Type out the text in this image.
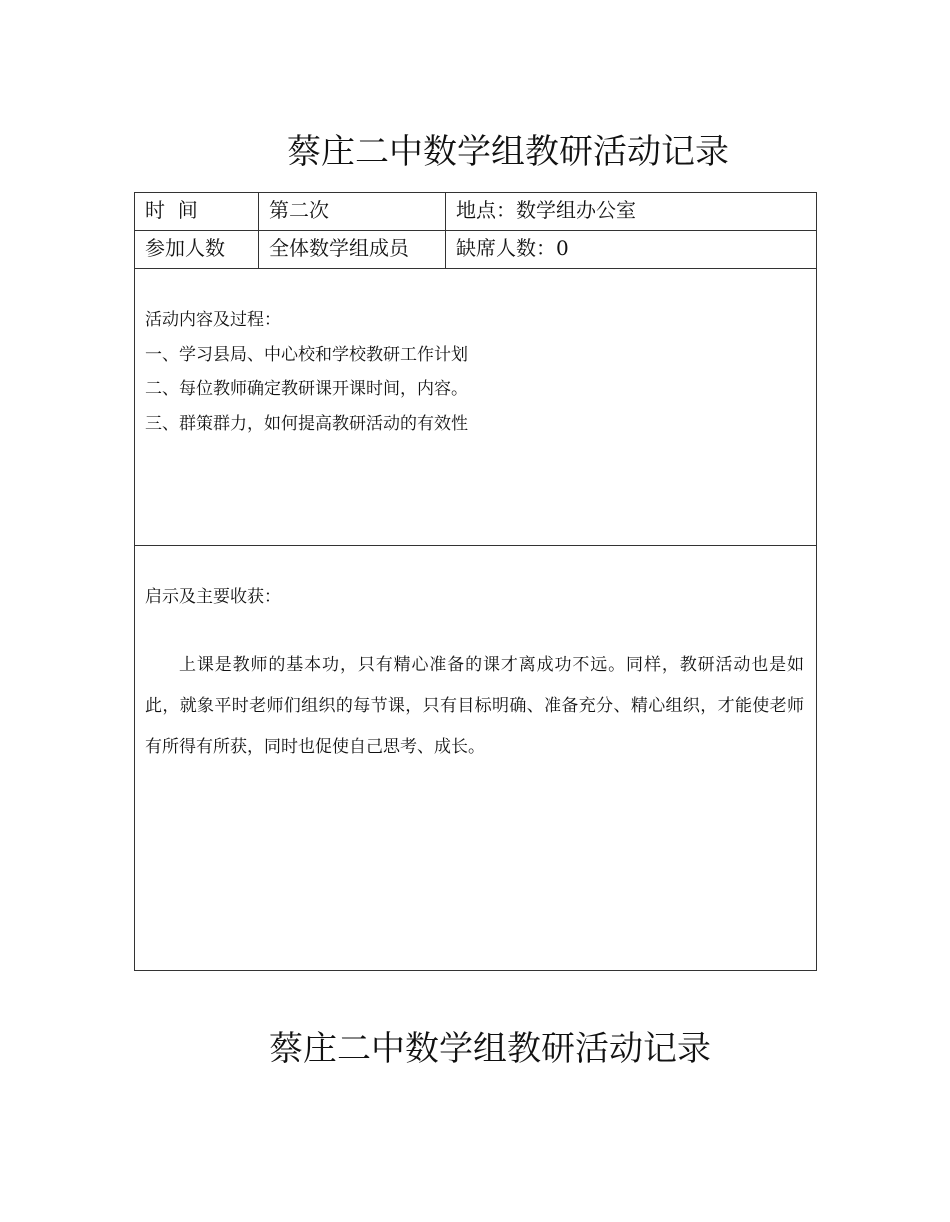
蔡庄二中数学组教研活动记录
时  间	第二次	地点：数学组办公室

参加人数	全体数学组成员	缺席人数：0

活动内容及过程：
一、学习县局、中心校和学校教研工作计划
二、每位教师确定教研课开课时间，内容。
三、群策群力，如何提高教研活动的有效性		

启示及主要收获：
上课是教师的基本功，只有精心准备的课才离成功不远。同样，教研活动也是如此，就象平时老师们组织的每节课，只有目标明确、准备充分、精心组织，才能使老师有所得有所获，同时也促使自己思考、成长。		
蔡庄二中数学组教研活动记录
